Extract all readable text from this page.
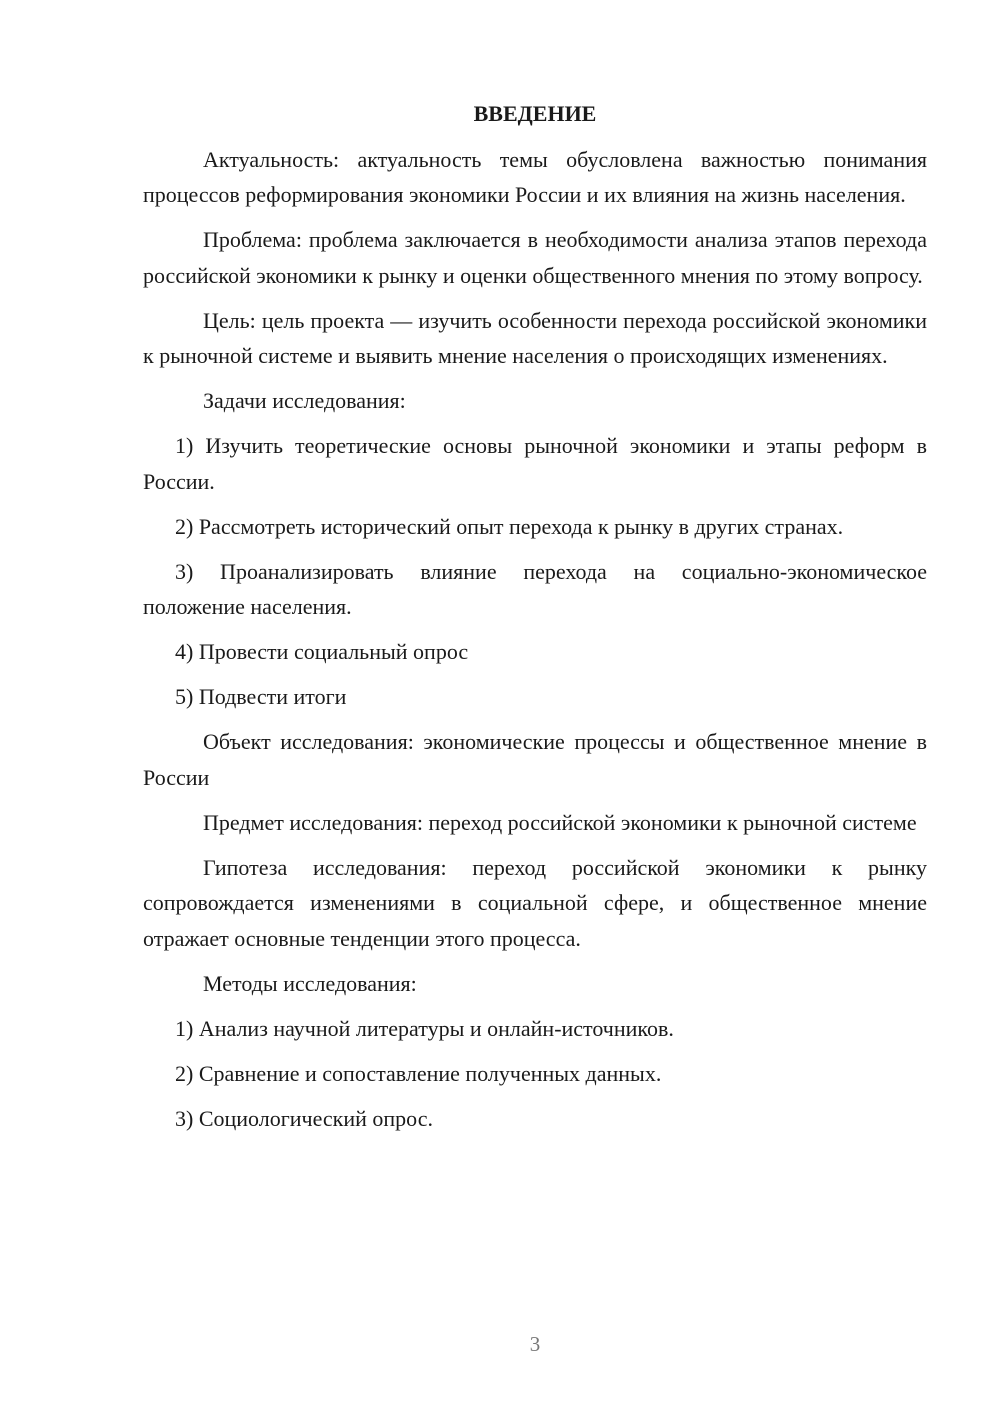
ВВЕДЕНИЕ

Актуальность: актуальность темы обусловлена важностью понимания процессов реформирования экономики России и их влияния на жизнь населения.

Проблема: проблема заключается в необходимости анализа этапов перехода российской экономики к рынку и оценки общественного мнения по этому вопросу.

Цель: цель проекта — изучить особенности перехода российской экономики к рыночной системе и выявить мнение населения о происходящих изменениях.

Задачи исследования:

1) Изучить теоретические основы рыночной экономики и этапы реформ в России.

2) Рассмотреть исторический опыт перехода к рынку в других странах.

3) Проанализировать влияние перехода на социально-экономическое положение населения.

4) Провести социальный опрос

5) Подвести итоги

Объект исследования: экономические процессы и общественное мнение в России

Предмет исследования: переход российской экономики к рыночной системе

Гипотеза исследования: переход российской экономики к рынку сопровождается изменениями в социальной сфере, и общественное мнение отражает основные тенденции этого процесса.

Методы исследования:

1) Анализ научной литературы и онлайн-источников.

2) Сравнение и сопоставление полученных данных.

3) Социологический опрос.

3
